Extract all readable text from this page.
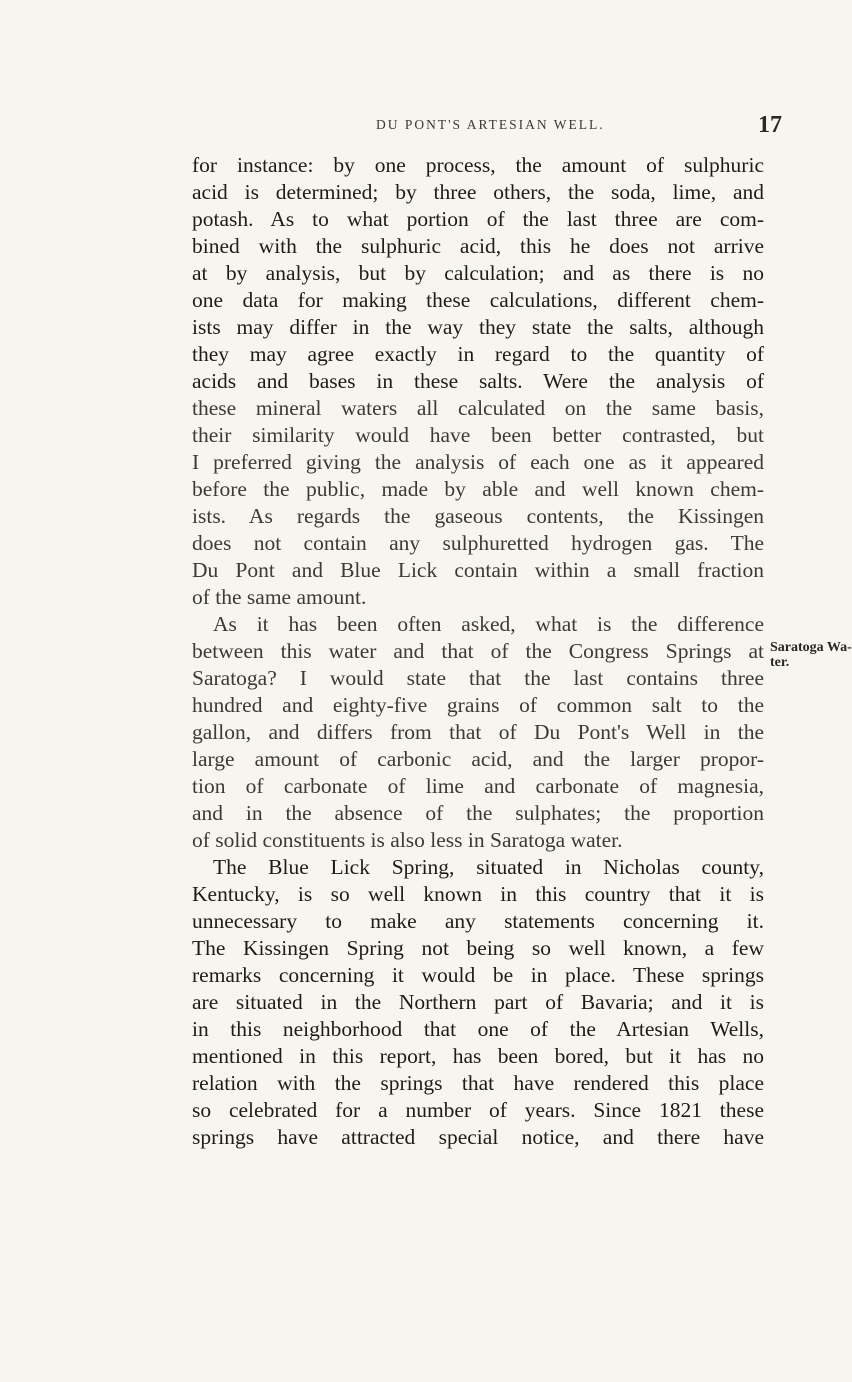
DU PONT'S ARTESIAN WELL.	17
for instance: by one process, the amount of sulphuric
acid is determined; by three others, the soda, lime, and
potash. As to what portion of the last three are com-
bined with the sulphuric acid, this he does not arrive
at by analysis, but by calculation; and as there is no
one data for making these calculations, different chem-
ists may differ in the way they state the salts, although
they may agree exactly in regard to the quantity of
acids and bases in these salts. Were the analysis of
these mineral waters all calculated on the same basis,
their similarity would have been better contrasted, but
I preferred giving the analysis of each one as it appeared
before the public, made by able and well known chem-
ists. As regards the gaseous contents, the Kissingen
does not contain any sulphuretted hydrogen gas. The
Du Pont and Blue Lick contain within a small fraction
of the same amount.
As it has been often asked, what is the difference
between this water and that of the Congress Springs at
Saratoga? I would state that the last contains three
hundred and eighty-five grains of common salt to the
gallon, and differs from that of Du Pont's Well in the
large amount of carbonic acid, and the larger propor-
tion of carbonate of lime and carbonate of magnesia,
and in the absence of the sulphates; the proportion
of solid constituents is also less in Saratoga water.
The Blue Lick Spring, situated in Nicholas county,
Kentucky, is so well known in this country that it is
unnecessary to make any statements concerning it.
The Kissingen Spring not being so well known, a few
remarks concerning it would be in place. These springs
are situated in the Northern part of Bavaria; and it is
in this neighborhood that one of the Artesian Wells,
mentioned in this report, has been bored, but it has no
relation with the springs that have rendered this place
so celebrated for a number of years. Since 1821 these
springs have attracted special notice, and there have
Saratoga Wa-
ter.
